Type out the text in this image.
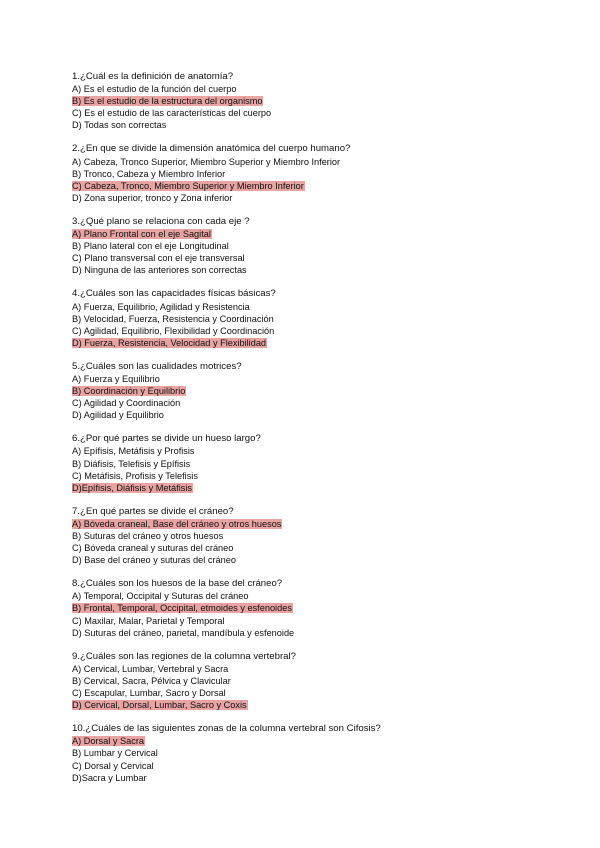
1.¿Cuál es la definición de anatomía?
A) Es el estudio de la función del cuerpo
B) Es el estudio de la estructura del organismo
C) Es el estudio de las características del cuerpo
D) Todas son correctas
2.¿En que se divide la dimensión anatómica del cuerpo humano?
A) Cabeza, Tronco Superior, Miembro Superior y Miembro Inferior
B) Tronco, Cabeza y Miembro Inferior
C) Cabeza, Tronco, Miembro Superior y Miembro Inferior
D) Zona superior, tronco y Zona inferior
3.¿Qué plano se relaciona con cada eje ?
A) Plano Frontal con el eje Sagital
B) Plano lateral con el eje Longitudinal
C) Plano transversal con el eje transversal
D) Ninguna de las anteriores son correctas
4.¿Cuáles son las capacidades físicas básicas?
A) Fuerza, Equilibrio, Agilidad y Resistencia
B) Velocidad, Fuerza, Resistencia y Coordinación
C) Agilidad, Equilibrio, Flexibilidad y Coordinación
D) Fuerza, Resistencia, Velocidad y Flexibilidad
5.¿Cuáles son las cualidades motrices?
A) Fuerza y Equilibrio
B) Coordinación y Equilibrio
C) Agilidad y Coordinación
D) Agilidad y Equilibrio
6.¿Por qué partes se divide un hueso largo?
A) Epífisis, Metáfisis y Profisis
B) Diáfisis, Telefisis y Epífisis
C) Metáfisis, Profisis y Telefisis
D)Epífisis, Diáfisis y Metáfisis
7.¿En qué partes se divide el cráneo?
A) Bóveda craneal, Base del cráneo y otros huesos
B) Suturas del cráneo y otros huesos
C) Bóveda craneal y suturas del cráneo
D) Base del cráneo y suturas del cráneo
8.¿Cuáles son los huesos de la base del cráneo?
A) Temporal, Occipital y Suturas del cráneo
B) Frontal, Temporal, Occipital, etmoides y esfenoides
C) Maxilar, Malar, Parietal y Temporal
D) Suturas del cráneo, parietal, mandíbula y esfenoide
9.¿Cuáles son las regiones de la columna vertebral?
A) Cervical, Lumbar, Vertebral y Sacra
B) Cervical, Sacra, Pélvica y Clavicular
C) Escapular, Lumbar, Sacro y Dorsal
D) Cervical, Dorsal, Lumbar, Sacro y Coxis
10.¿Cuáles de las siguientes zonas de la columna vertebral son Cifosis?
A) Dorsal y Sacra
B) Lumbar y Cervical
C) Dorsal y Cervical
D)Sacra y Lumbar
